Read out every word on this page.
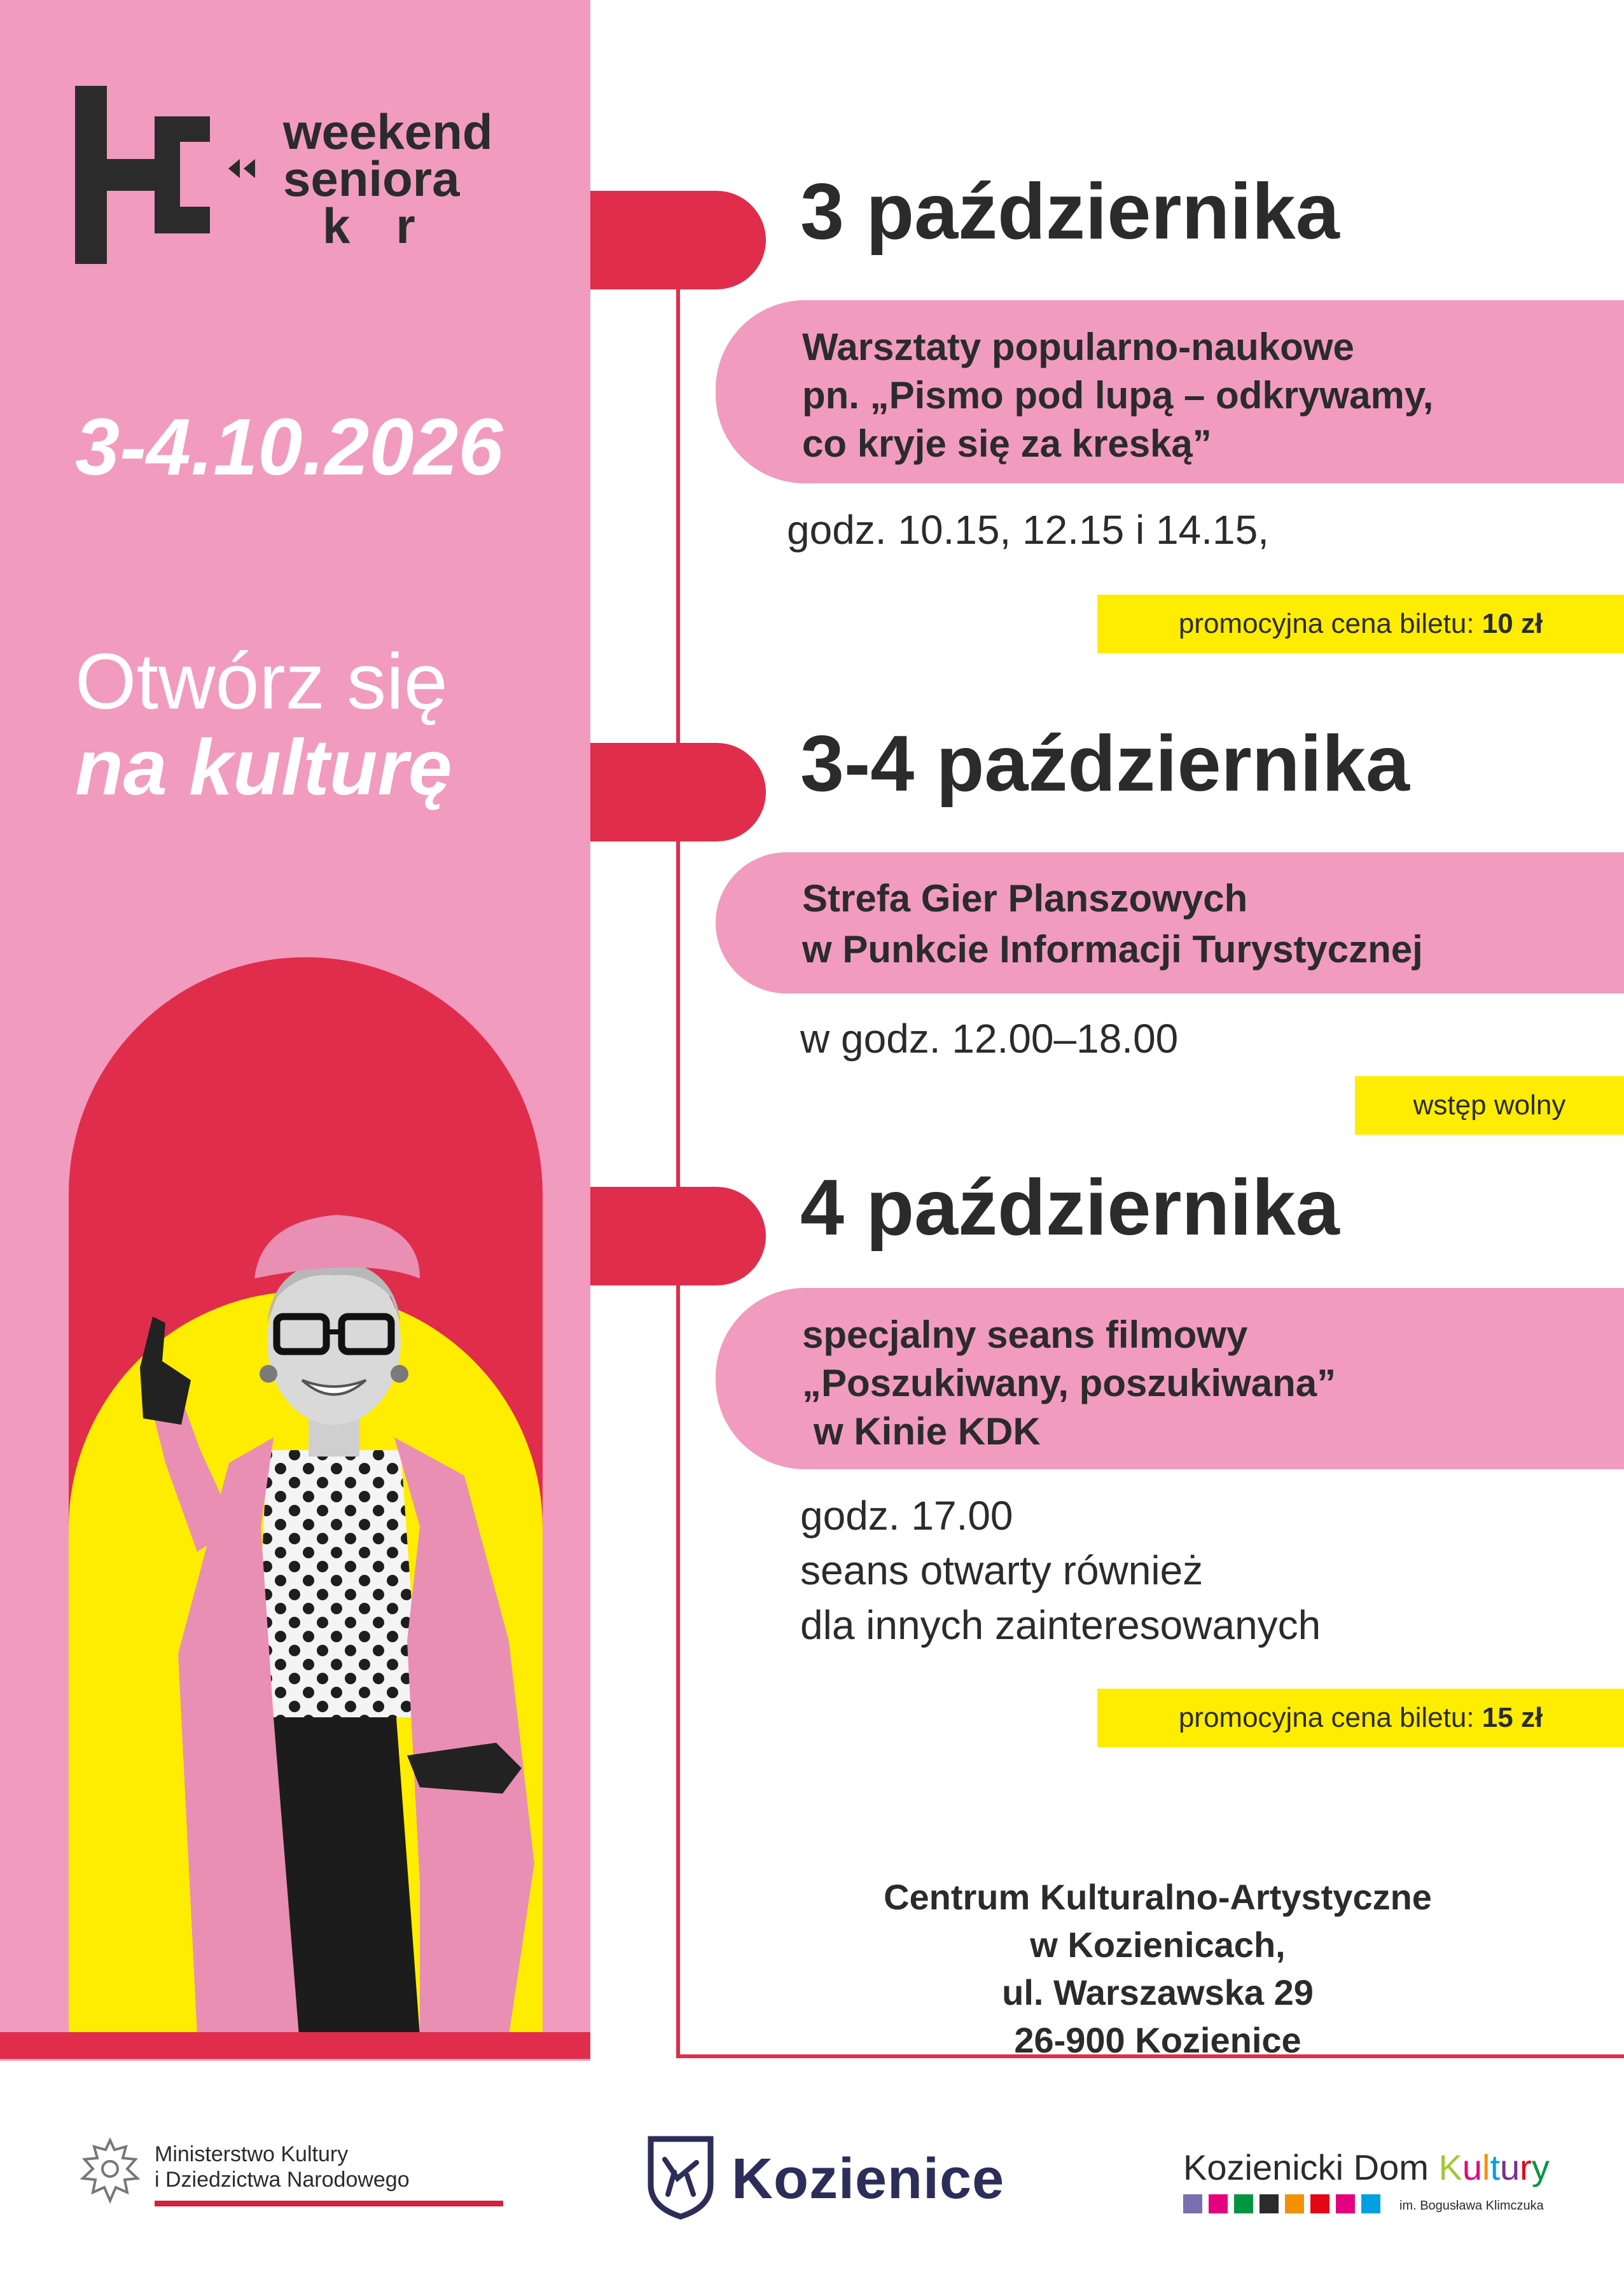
weekend
seniora
kr
3-4.10.2026
Otwórz się
na kulturę
3 października
Warsztaty popularno-naukowe
pn. „Pismo pod lupą – odkrywamy,
co kryje się za kreską”
godz. 10.15, 12.15 i 14.15,
promocyjna cena biletu: 10 zł
3-4 października
Strefa Gier Planszowych
w Punkcie Informacji Turystycznej
w godz. 12.00–18.00
wstęp wolny
4 października
specjalny seans filmowy
„Poszukiwany, poszukiwana”
w Kinie KDK
godz. 17.00
seans otwarty również
dla innych zainteresowanych
promocyjna cena biletu: 15 zł
Centrum Kulturalno-Artystyczne
w Kozienicach,
ul. Warszawska 29
26-900 Kozienice
Ministerstwo Kultury
i Dziedzictwa Narodowego	Kozienice	Kozienicki Dom Kultury
im. Bogusława Klimczuka
